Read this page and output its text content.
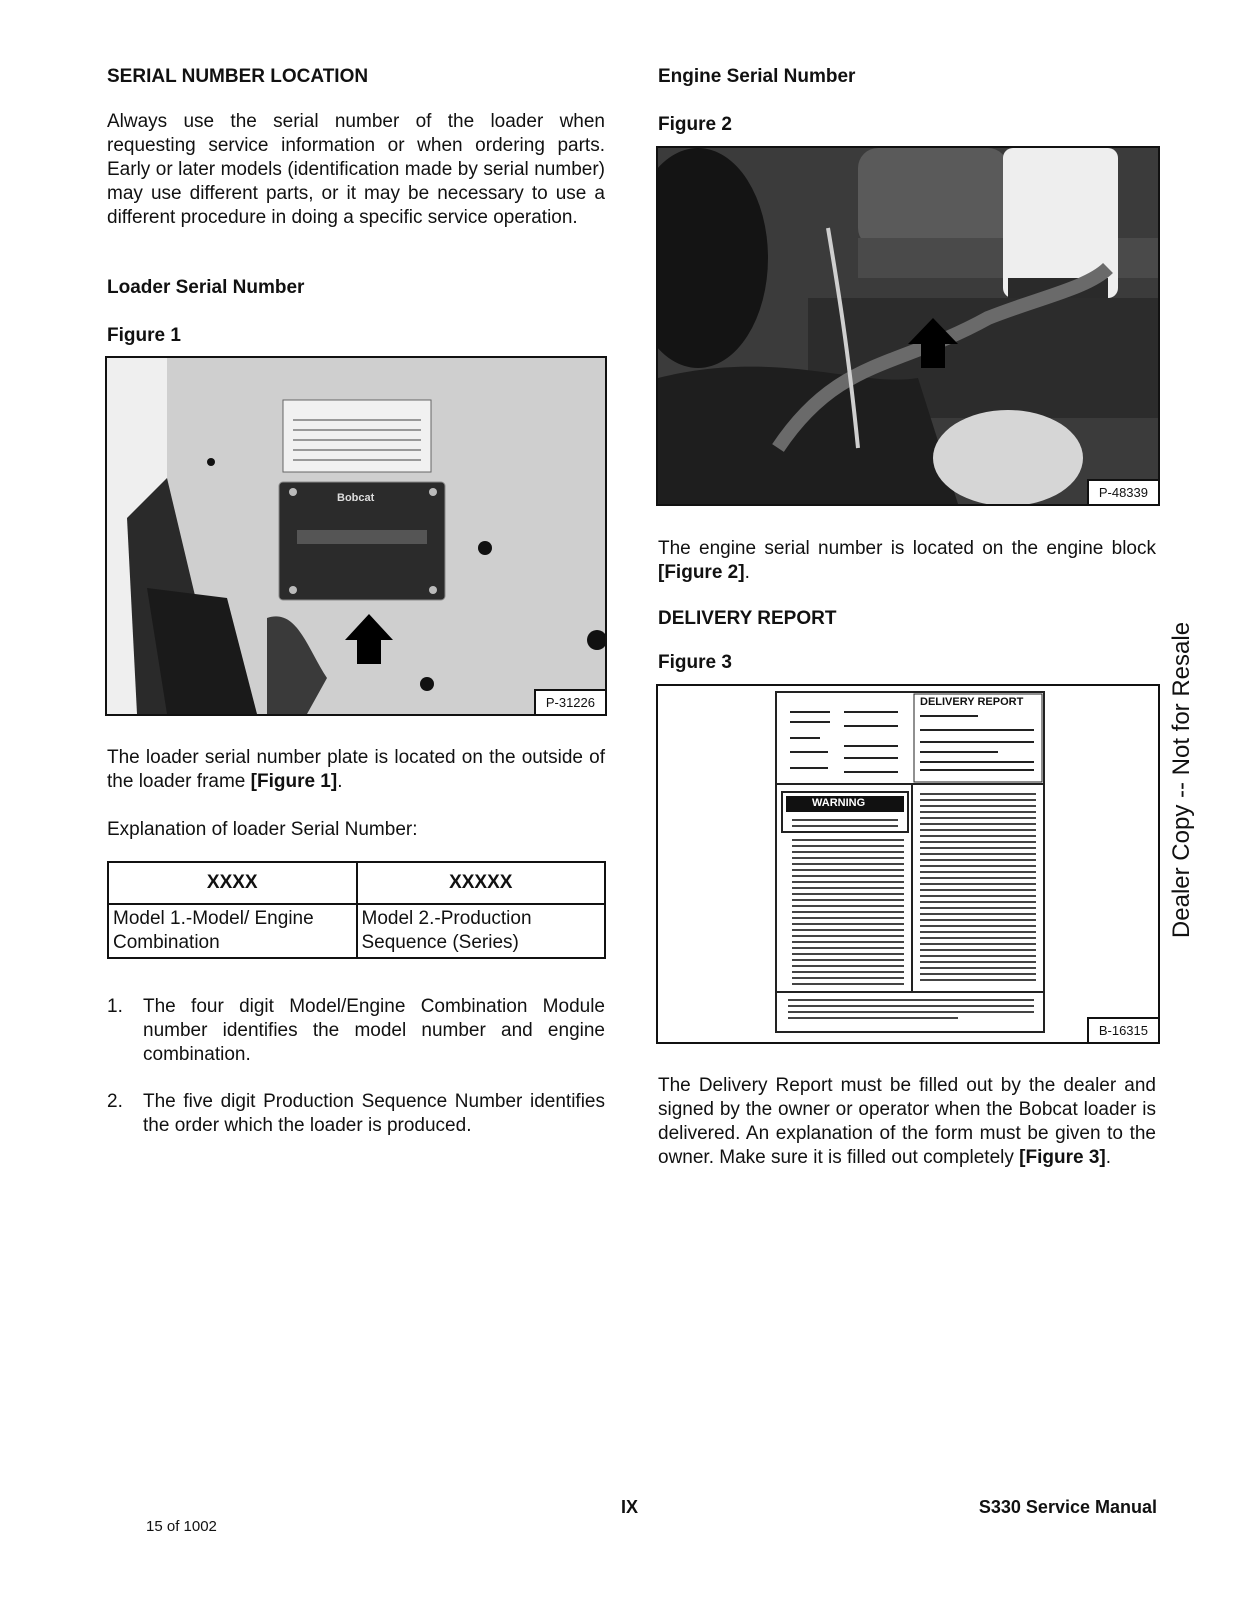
SERIAL NUMBER LOCATION
Always use the serial number of the loader when requesting service information or when ordering parts. Early or later models (identification made by serial number) may use different parts, or it may be necessary to use a different procedure in doing a specific service operation.
Loader Serial Number
Figure 1
Bobcat
P-31226
The loader serial number plate is located on the outside of the loader frame [Figure 1].
Explanation of loader Serial Number:
XXXX	XXXXX
Model 1.-Model/ Engine Combination	Model 2.-Production Sequence (Series)
1. The four digit Model/Engine Combination Module number identifies the model number and engine combination.
2. The five digit Production Sequence Number identifies the order which the loader is produced.
Engine Serial Number
Figure 2
P-48339
The engine serial number is located on the engine block [Figure 2].
DELIVERY REPORT
Figure 3
DELIVERY REPORT
WARNING
B-16315
The Delivery Report must be filled out by the dealer and signed by the owner or operator when the Bobcat loader is delivered. An explanation of the form must be given to the owner. Make sure it is filled out completely [Figure 3].
Dealer Copy -- Not for Resale
15 of 1002
IX	S330 Service Manual
